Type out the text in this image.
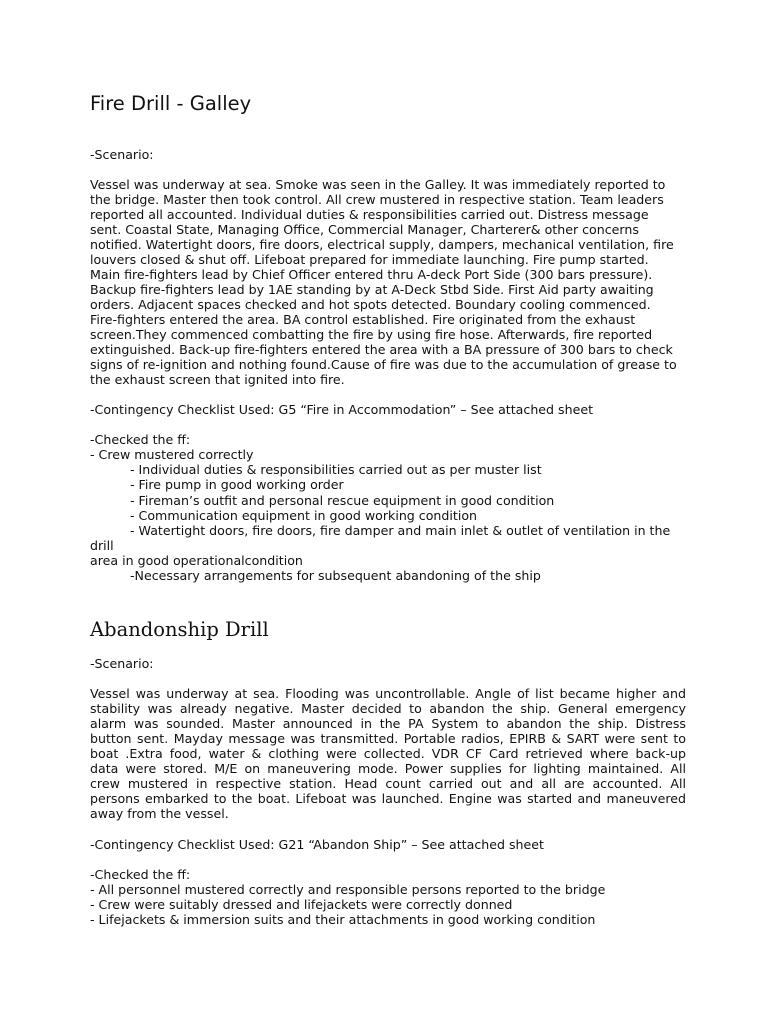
Fire Drill - Galley

-Scenario:

Vessel was underway at sea. Smoke was seen in the Galley. It was immediately reported to
the bridge. Master then took control. All crew mustered in respective station. Team leaders
reported all accounted. Individual duties & responsibilities carried out. Distress message
sent. Coastal State, Managing Office, Commercial Manager, Charterer& other concerns
notified. Watertight doors, fire doors, electrical supply, dampers, mechanical ventilation, fire
louvers closed & shut off. Lifeboat prepared for immediate launching. Fire pump started.
Main fire-fighters lead by Chief Officer entered thru A-deck Port Side (300 bars pressure).
Backup fire-fighters lead by 1AE standing by at A-Deck Stbd Side. First Aid party awaiting
orders. Adjacent spaces checked and hot spots detected. Boundary cooling commenced.
Fire-fighters entered the area. BA control established. Fire originated from the exhaust
screen.They commenced combatting the fire by using fire hose. Afterwards, fire reported
extinguished. Back-up fire-fighters entered the area with a BA pressure of 300 bars to check
signs of re-ignition and nothing found.Cause of fire was due to the accumulation of grease to
the exhaust screen that ignited into fire.

-Contingency Checklist Used: G5 “Fire in Accommodation” – See attached sheet

-Checked the ff:

- Crew mustered correctly

- Individual duties & responsibilities carried out as per muster list

- Fire pump in good working order

- Fireman’s outfit and personal rescue equipment in good condition

- Communication equipment in good working condition

- Watertight doors, fire doors, fire damper and main inlet & outlet of ventilation in the

drill

area in good operationalcondition

-Necessary arrangements for subsequent abandoning of the ship

Abandonship Drill

-Scenario:

Vessel was underway at sea. Flooding was uncontrollable. Angle of list became higher and
stability was already negative. Master decided to abandon the ship. General emergency
alarm was sounded. Master announced in the PA System to abandon the ship. Distress
button sent. Mayday message was transmitted. Portable radios, EPIRB & SART were sent to
boat .Extra food, water & clothing were collected. VDR CF Card retrieved where back-up
data were stored. M/E on maneuvering mode. Power supplies for lighting maintained. All
crew mustered in respective station. Head count carried out and all are accounted. All
persons embarked to the boat. Lifeboat was launched. Engine was started and maneuvered
away from the vessel.

-Contingency Checklist Used: G21 “Abandon Ship” – See attached sheet

-Checked the ff:

- All personnel mustered correctly and responsible persons reported to the bridge

- Crew were suitably dressed and lifejackets were correctly donned

- Lifejackets & immersion suits and their attachments in good working condition
